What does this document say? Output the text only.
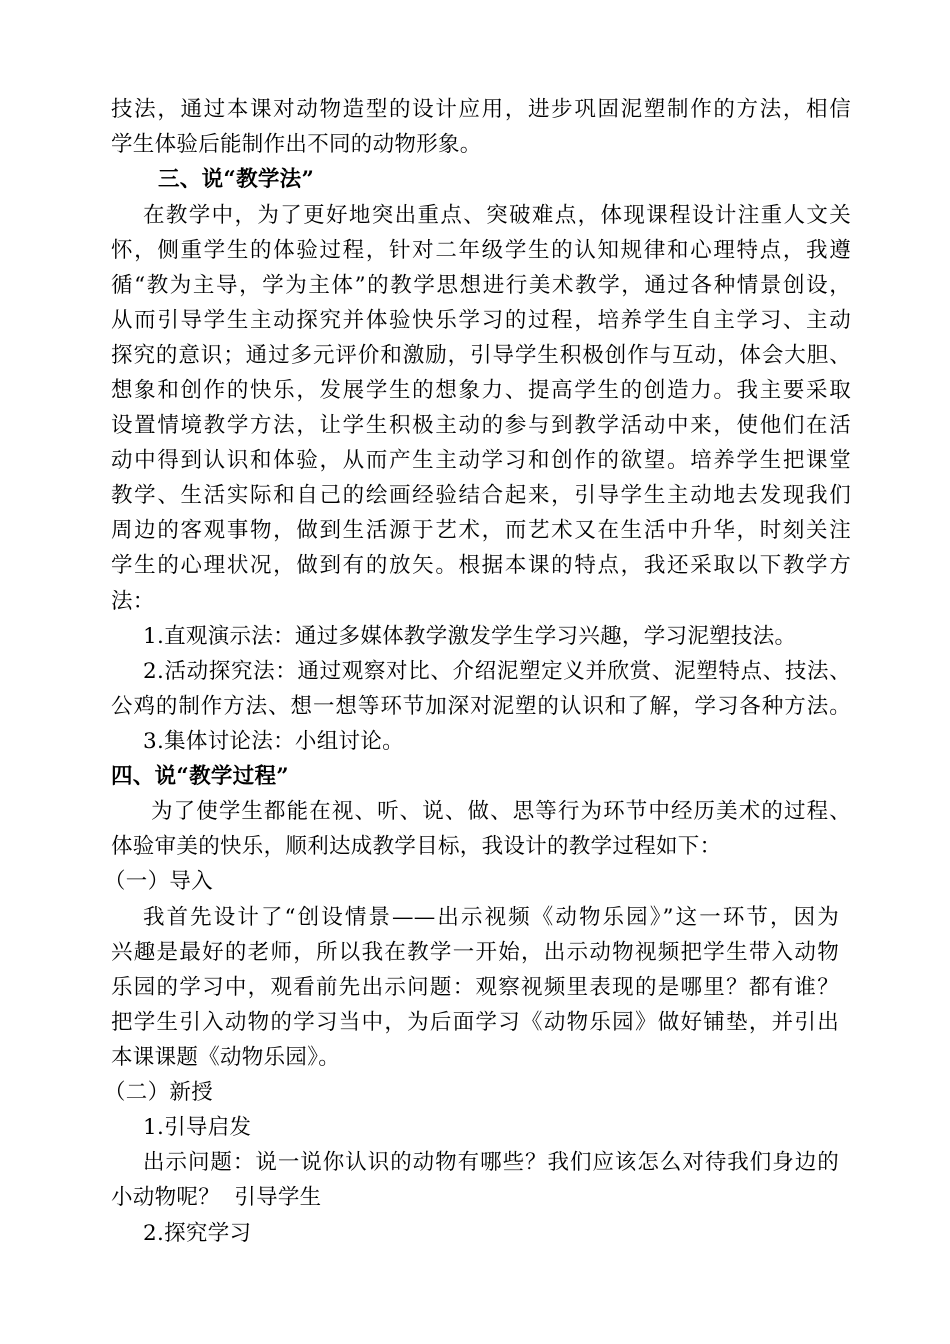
技法，通过本课对动物造型的设计应用，进步巩固泥塑制作的方法，相信
学生体验后能制作出不同的动物形象。
三、说“教学法”
在教学中，为了更好地突出重点、突破难点，体现课程设计注重人文关
怀，侧重学生的体验过程，针对二年级学生的认知规律和心理特点，我遵
循“教为主导，学为主体”的教学思想进行美术教学，通过各种情景创设，
从而引导学生主动探究并体验快乐学习的过程，培养学生自主学习、主动
探究的意识；通过多元评价和激励，引导学生积极创作与互动，体会大胆、
想象和创作的快乐，发展学生的想象力、提高学生的创造力。我主要采取
设置情境教学方法，让学生积极主动的参与到教学活动中来，使他们在活
动中得到认识和体验，从而产生主动学习和创作的欲望。培养学生把课堂
教学、生活实际和自己的绘画经验结合起来，引导学生主动地去发现我们
周边的客观事物，做到生活源于艺术，而艺术又在生活中升华，时刻关注
学生的心理状况，做到有的放矢。根据本课的特点，我还采取以下教学方
法：
1.直观演示法：通过多媒体教学激发学生学习兴趣，学习泥塑技法。
2.活动探究法：通过观察对比、介绍泥塑定义并欣赏、泥塑特点、技法、
公鸡的制作方法、想一想等环节加深对泥塑的认识和了解，学习各种方法。
3.集体讨论法：小组讨论。
四、说“教学过程”
为了使学生都能在视、听、说、做、思等行为环节中经历美术的过程、
体验审美的快乐，顺利达成教学目标，我设计的教学过程如下：
（一）导入
我首先设计了“创设情景——出示视频《动物乐园》”这一环节，因为
兴趣是最好的老师，所以我在教学一开始，出示动物视频把学生带入动物
乐园的学习中，观看前先出示问题：观察视频里表现的是哪里？都有谁？
把学生引入动物的学习当中，为后面学习《动物乐园》做好铺垫，并引出
本课课题《动物乐园》。
（二）新授
1.引导启发
出示问题：说一说你认识的动物有哪些？我们应该怎么对待我们身边的
小动物呢？  引导学生
2.探究学习
